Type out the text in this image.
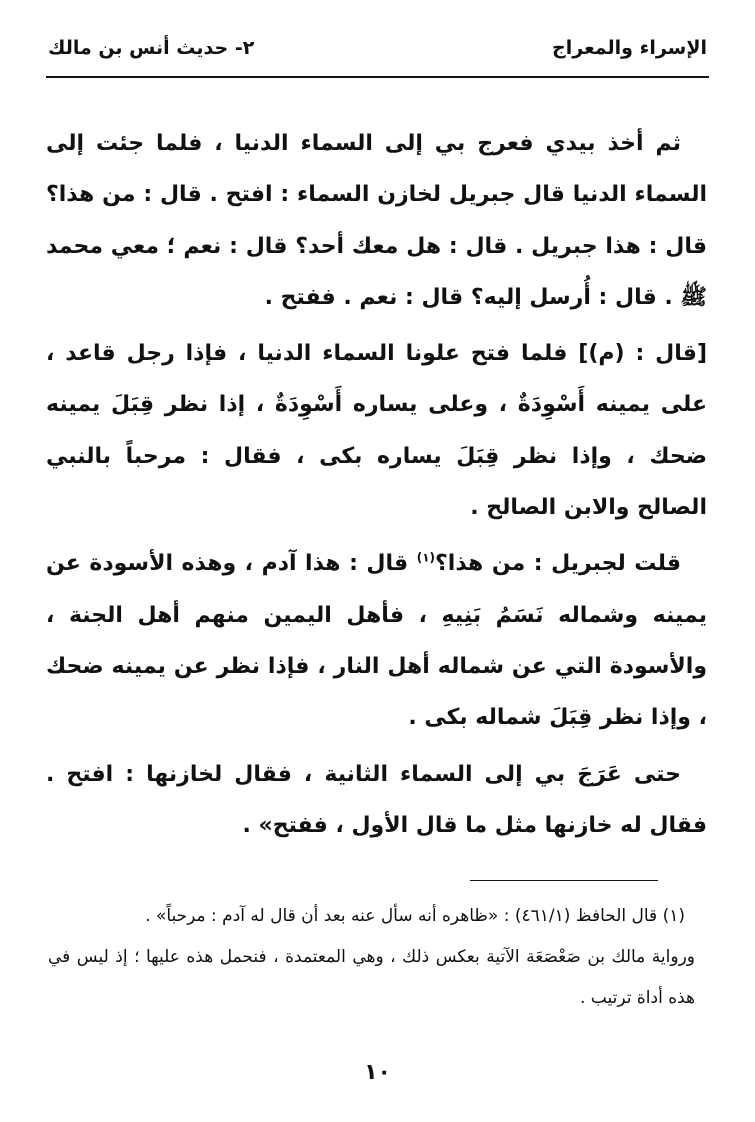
الإسراء والمعراج
٢- حديث أنس بن مالك

ثم أخذ بيدي فعرج بي إلى السماء الدنيا ، فلما جئت إلى السماء الدنيا قال جبريل لخازن السماء : افتح . قال : من هذا؟ قال : هذا جبريل . قال : هل معك أحد؟ قال : نعم ؛ معي محمد ﷺ . قال : أُرسل إليه؟ قال : نعم . ففتح .

[قال : (م)] فلما فتح علونا السماء الدنيا ، فإذا رجل قاعد ، على يمينه أَسْوِدَةٌ ، وعلى يساره أَسْوِدَةٌ ، إذا نظر قِبَلَ يمينه ضحك ، وإذا نظر قِبَلَ يساره بكى ، فقال : مرحباً بالنبي الصالح والابن الصالح .

قلت لجبريل : من هذا؟$^{(١)}$ قال : هذا آدم ، وهذه الأسودة عن يمينه وشماله نَسَمُ بَنِيهِ ، فأهل اليمين منهم أهل الجنة ، والأسودة التي عن شماله أهل النار ، فإذا نظر عن يمينه ضحك ، وإذا نظر قِبَلَ شماله بكى .

حتى عَرَجَ بي إلى السماء الثانية ، فقال لخازنها : افتح . فقال له خازنها مثل ما قال الأول ، ففتح» .

(١) قال الحافظ (٤٦١/١) : «ظاهره أنه سأل عنه بعد أن قال له آدم : مرحباً» .

ورواية مالك بن صَعْصَعَة الآتية بعكس ذلك ، وهي المعتمدة ، فنحمل هذه عليها ؛ إذ ليس في هذه أداة ترتيب .

١٠
